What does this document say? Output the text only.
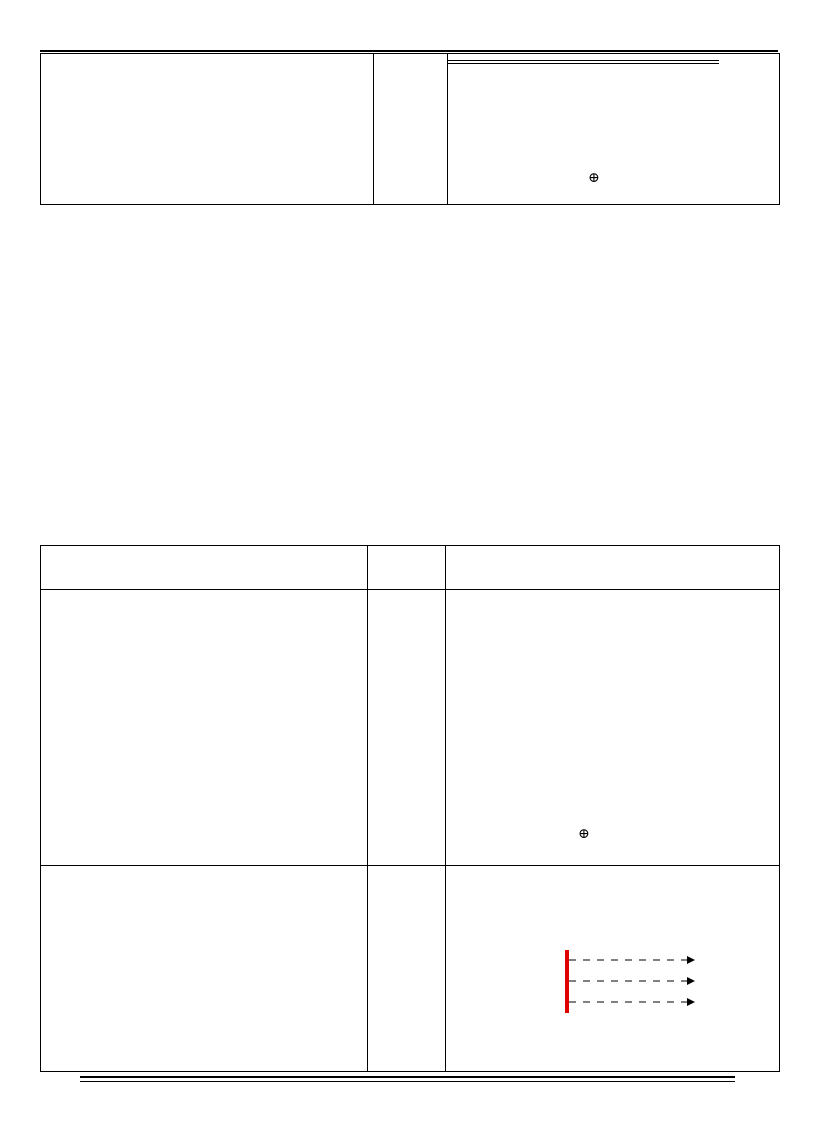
⊕
⊕
